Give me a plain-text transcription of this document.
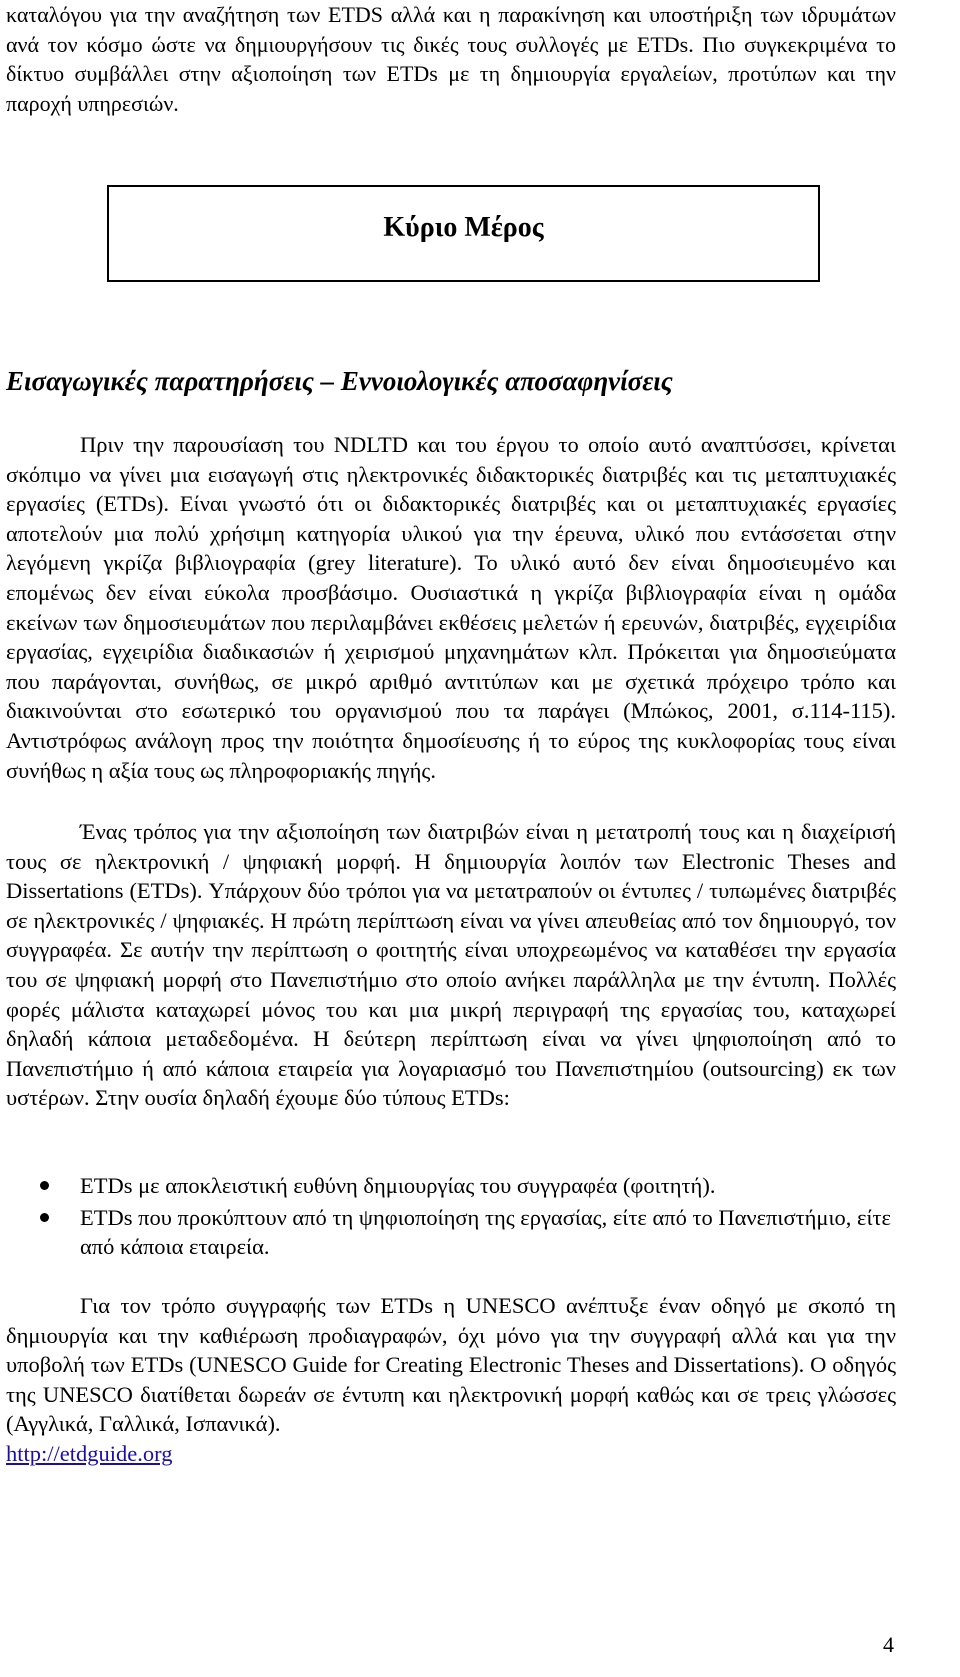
καταλόγου για την αναζήτηση των ETDS αλλά και η παρακίνηση και υποστήριξη των ιδρυμάτων ανά τον κόσμο ώστε να δημιουργήσουν τις δικές τους συλλογές με ETDs. Πιο συγκεκριμένα το δίκτυο συμβάλλει στην αξιοποίηση των ETDs με τη δημιουργία εργαλείων, προτύπων και την παροχή υπηρεσιών.

Κύριο Μέρος
Εισαγωγικές παρατηρήσεις – Εννοιολογικές αποσαφηνίσεις

Πριν την παρουσίαση του NDLTD και του έργου το οποίο αυτό αναπτύσσει, κρίνεται σκόπιμο να γίνει μια εισαγωγή στις ηλεκτρονικές διδακτορικές διατριβές και τις μεταπτυχιακές εργασίες (ETDs). Είναι γνωστό ότι οι διδακτορικές διατριβές και οι μεταπτυχιακές εργασίες αποτελούν μια πολύ χρήσιμη κατηγορία υλικού για την έρευνα, υλικό που εντάσσεται στην λεγόμενη γκρίζα βιβλιογραφία (grey literature). Το υλικό αυτό δεν είναι δημοσιευμένο και επομένως δεν είναι εύκολα προσβάσιμο. Ουσιαστικά η γκρίζα βιβλιογραφία είναι η ομάδα εκείνων των δημοσιευμάτων που περιλαμβάνει εκθέσεις μελετών ή ερευνών, διατριβές, εγχειρίδια εργασίας, εγχειρίδια διαδικασιών ή χειρισμού μηχανημάτων κλπ. Πρόκειται για δημοσιεύματα που παράγονται, συνήθως, σε μικρό αριθμό αντιτύπων και με σχετικά πρόχειρο τρόπο και διακινούνται στο εσωτερικό του οργανισμού που τα παράγει (Μπώκος, 2001, σ.114-115). Αντιστρόφως ανάλογη προς την ποιότητα δημοσίευσης ή το εύρος της κυκλοφορίας τους είναι συνήθως η αξία τους ως πληροφοριακής πηγής.

Ένας τρόπος για την αξιοποίηση των διατριβών είναι η μετατροπή τους και η διαχείρισή τους σε ηλεκτρονική / ψηφιακή μορφή. Η δημιουργία λοιπόν των Electronic Theses and Dissertations (ETDs). Υπάρχουν δύο τρόποι για να μετατραπούν οι έντυπες / τυπωμένες διατριβές σε ηλεκτρονικές / ψηφιακές. Η πρώτη περίπτωση είναι να γίνει απευθείας από τον δημιουργό, τον συγγραφέα. Σε αυτήν την περίπτωση ο φοιτητής είναι υποχρεωμένος να καταθέσει την εργασία του σε ψηφιακή μορφή στο Πανεπιστήμιο στο οποίο ανήκει παράλληλα με την έντυπη. Πολλές φορές μάλιστα καταχωρεί μόνος του και μια μικρή περιγραφή της εργασίας του, καταχωρεί δηλαδή κάποια μεταδεδομένα. Η δεύτερη περίπτωση είναι να γίνει ψηφιοποίηση από το Πανεπιστήμιο ή από κάποια εταιρεία για λογαριασμό του Πανεπιστημίου (outsourcing) εκ των υστέρων. Στην ουσία δηλαδή έχουμε δύο τύπους ETDs:

ETDs με αποκλειστική ευθύνη δημιουργίας του συγγραφέα (φοιτητή).
ETDs που προκύπτουν από τη ψηφιοποίηση της εργασίας, είτε από το Πανεπιστήμιο, είτε από κάποια εταιρεία.

Για τον τρόπο συγγραφής των ETDs η UNESCO ανέπτυξε έναν οδηγό με σκοπό τη δημιουργία και την καθιέρωση προδιαγραφών, όχι μόνο για την συγγραφή αλλά και για την υποβολή των ETDs (UNESCO Guide for Creating Electronic Theses and Dissertations). Ο οδηγός της UNESCO διατίθεται δωρεάν σε έντυπη και ηλεκτρονική μορφή καθώς και σε τρεις γλώσσες (Αγγλικά, Γαλλικά, Ισπανικά).
http://etdguide.org

4
